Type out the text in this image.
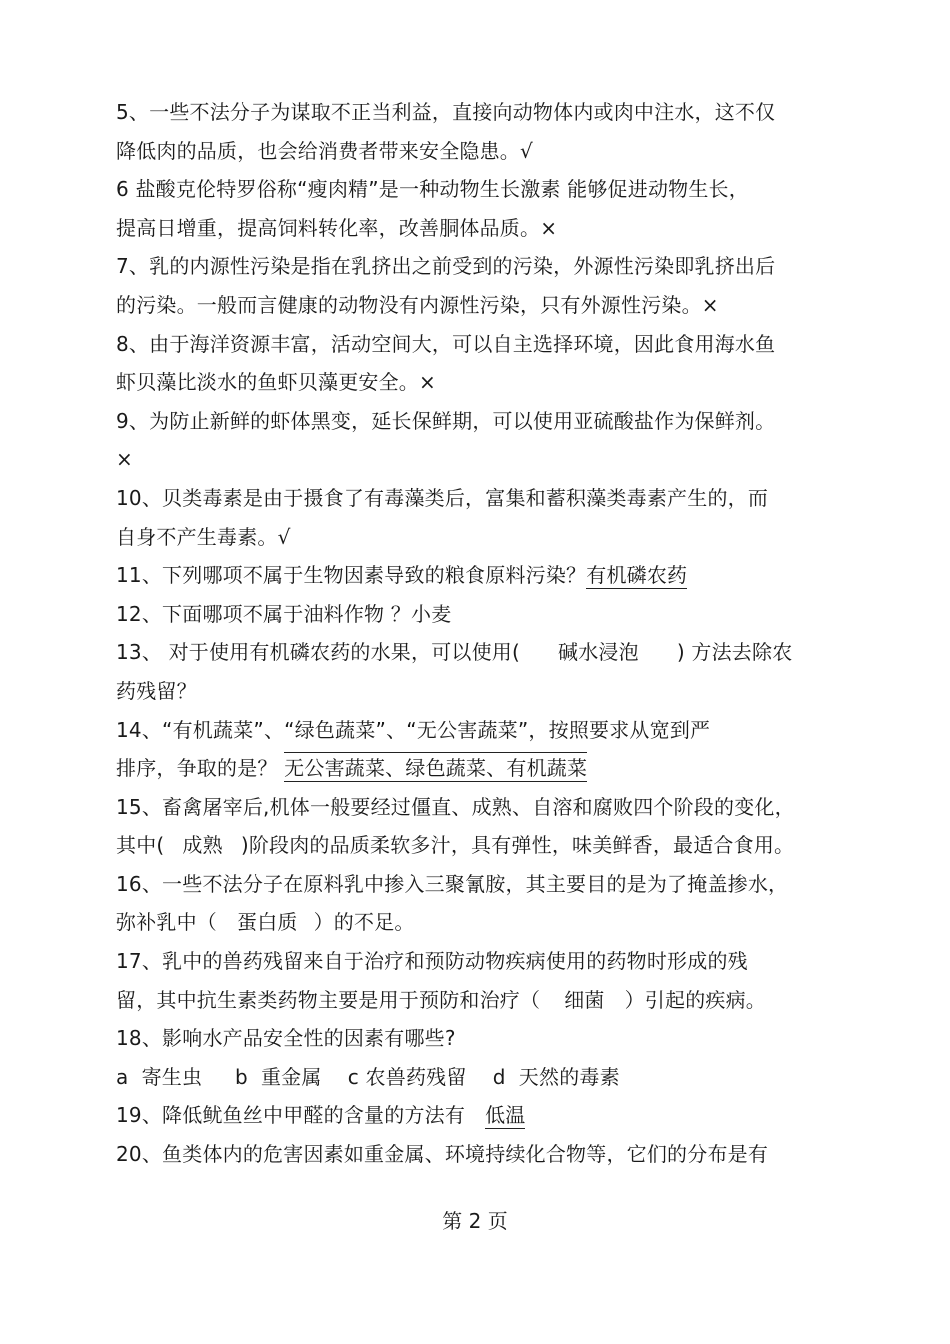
5、一些不法分子为谋取不正当利益，直接向动物体内或肉中注水，这不仅
降低肉的品质，也会给消费者带来安全隐患。√
6 盐酸克伦特罗俗称“瘦肉精”是一种动物生长激素 能够促进动物生长，
提高日增重，提高饲料转化率，改善胴体品质。×
7、乳的内源性污染是指在乳挤出之前受到的污染，外源性污染即乳挤出后
的污染。一般而言健康的动物没有内源性污染，只有外源性污染。×
8、由于海洋资源丰富，活动空间大，可以自主选择环境，因此食用海水鱼
虾贝藻比淡水的鱼虾贝藻更安全。×
9、为防止新鲜的虾体黑变，延长保鲜期，可以使用亚硫酸盐作为保鲜剂。
×
10、贝类毒素是由于摄食了有毒藻类后，富集和蓄积藻类毒素产生的，而
自身不产生毒素。√
11、下列哪项不属于生物因素导致的粮食原料污染？有机磷农药
12、下面哪项不属于油料作物 ？小麦
13、 对于使用有机磷农药的水果，可以使用( 碱水浸泡 ) 方法去除农
药残留？
14、“有机蔬菜”、“绿色蔬菜”、“无公害蔬菜”，按照要求从宽到严
排序，争取的是？ 无公害蔬菜、绿色蔬菜、有机蔬菜
15、畜禽屠宰后,机体一般要经过僵直、成熟、自溶和腐败四个阶段的变化，
其中( 成熟 )阶段肉的品质柔软多汁，具有弹性，味美鲜香，最适合食用。
16、一些不法分子在原料乳中掺入三聚氰胺，其主要目的是为了掩盖掺水，
弥补乳中（ 蛋白质 ）的不足。
17、乳中的兽药残留来自于治疗和预防动物疾病使用的药物时形成的残
留，其中抗生素类药物主要是用于预防和治疗（ 细菌 ）引起的疾病。
18、影响水产品安全性的因素有哪些?
a  寄生虫     b  重金属    c 农兽药残留    d  天然的毒素
19、降低鱿鱼丝中甲醛的含量的方法有 低温
20、鱼类体内的危害因素如重金属、环境持续化合物等，它们的分布是有
第 2 页
